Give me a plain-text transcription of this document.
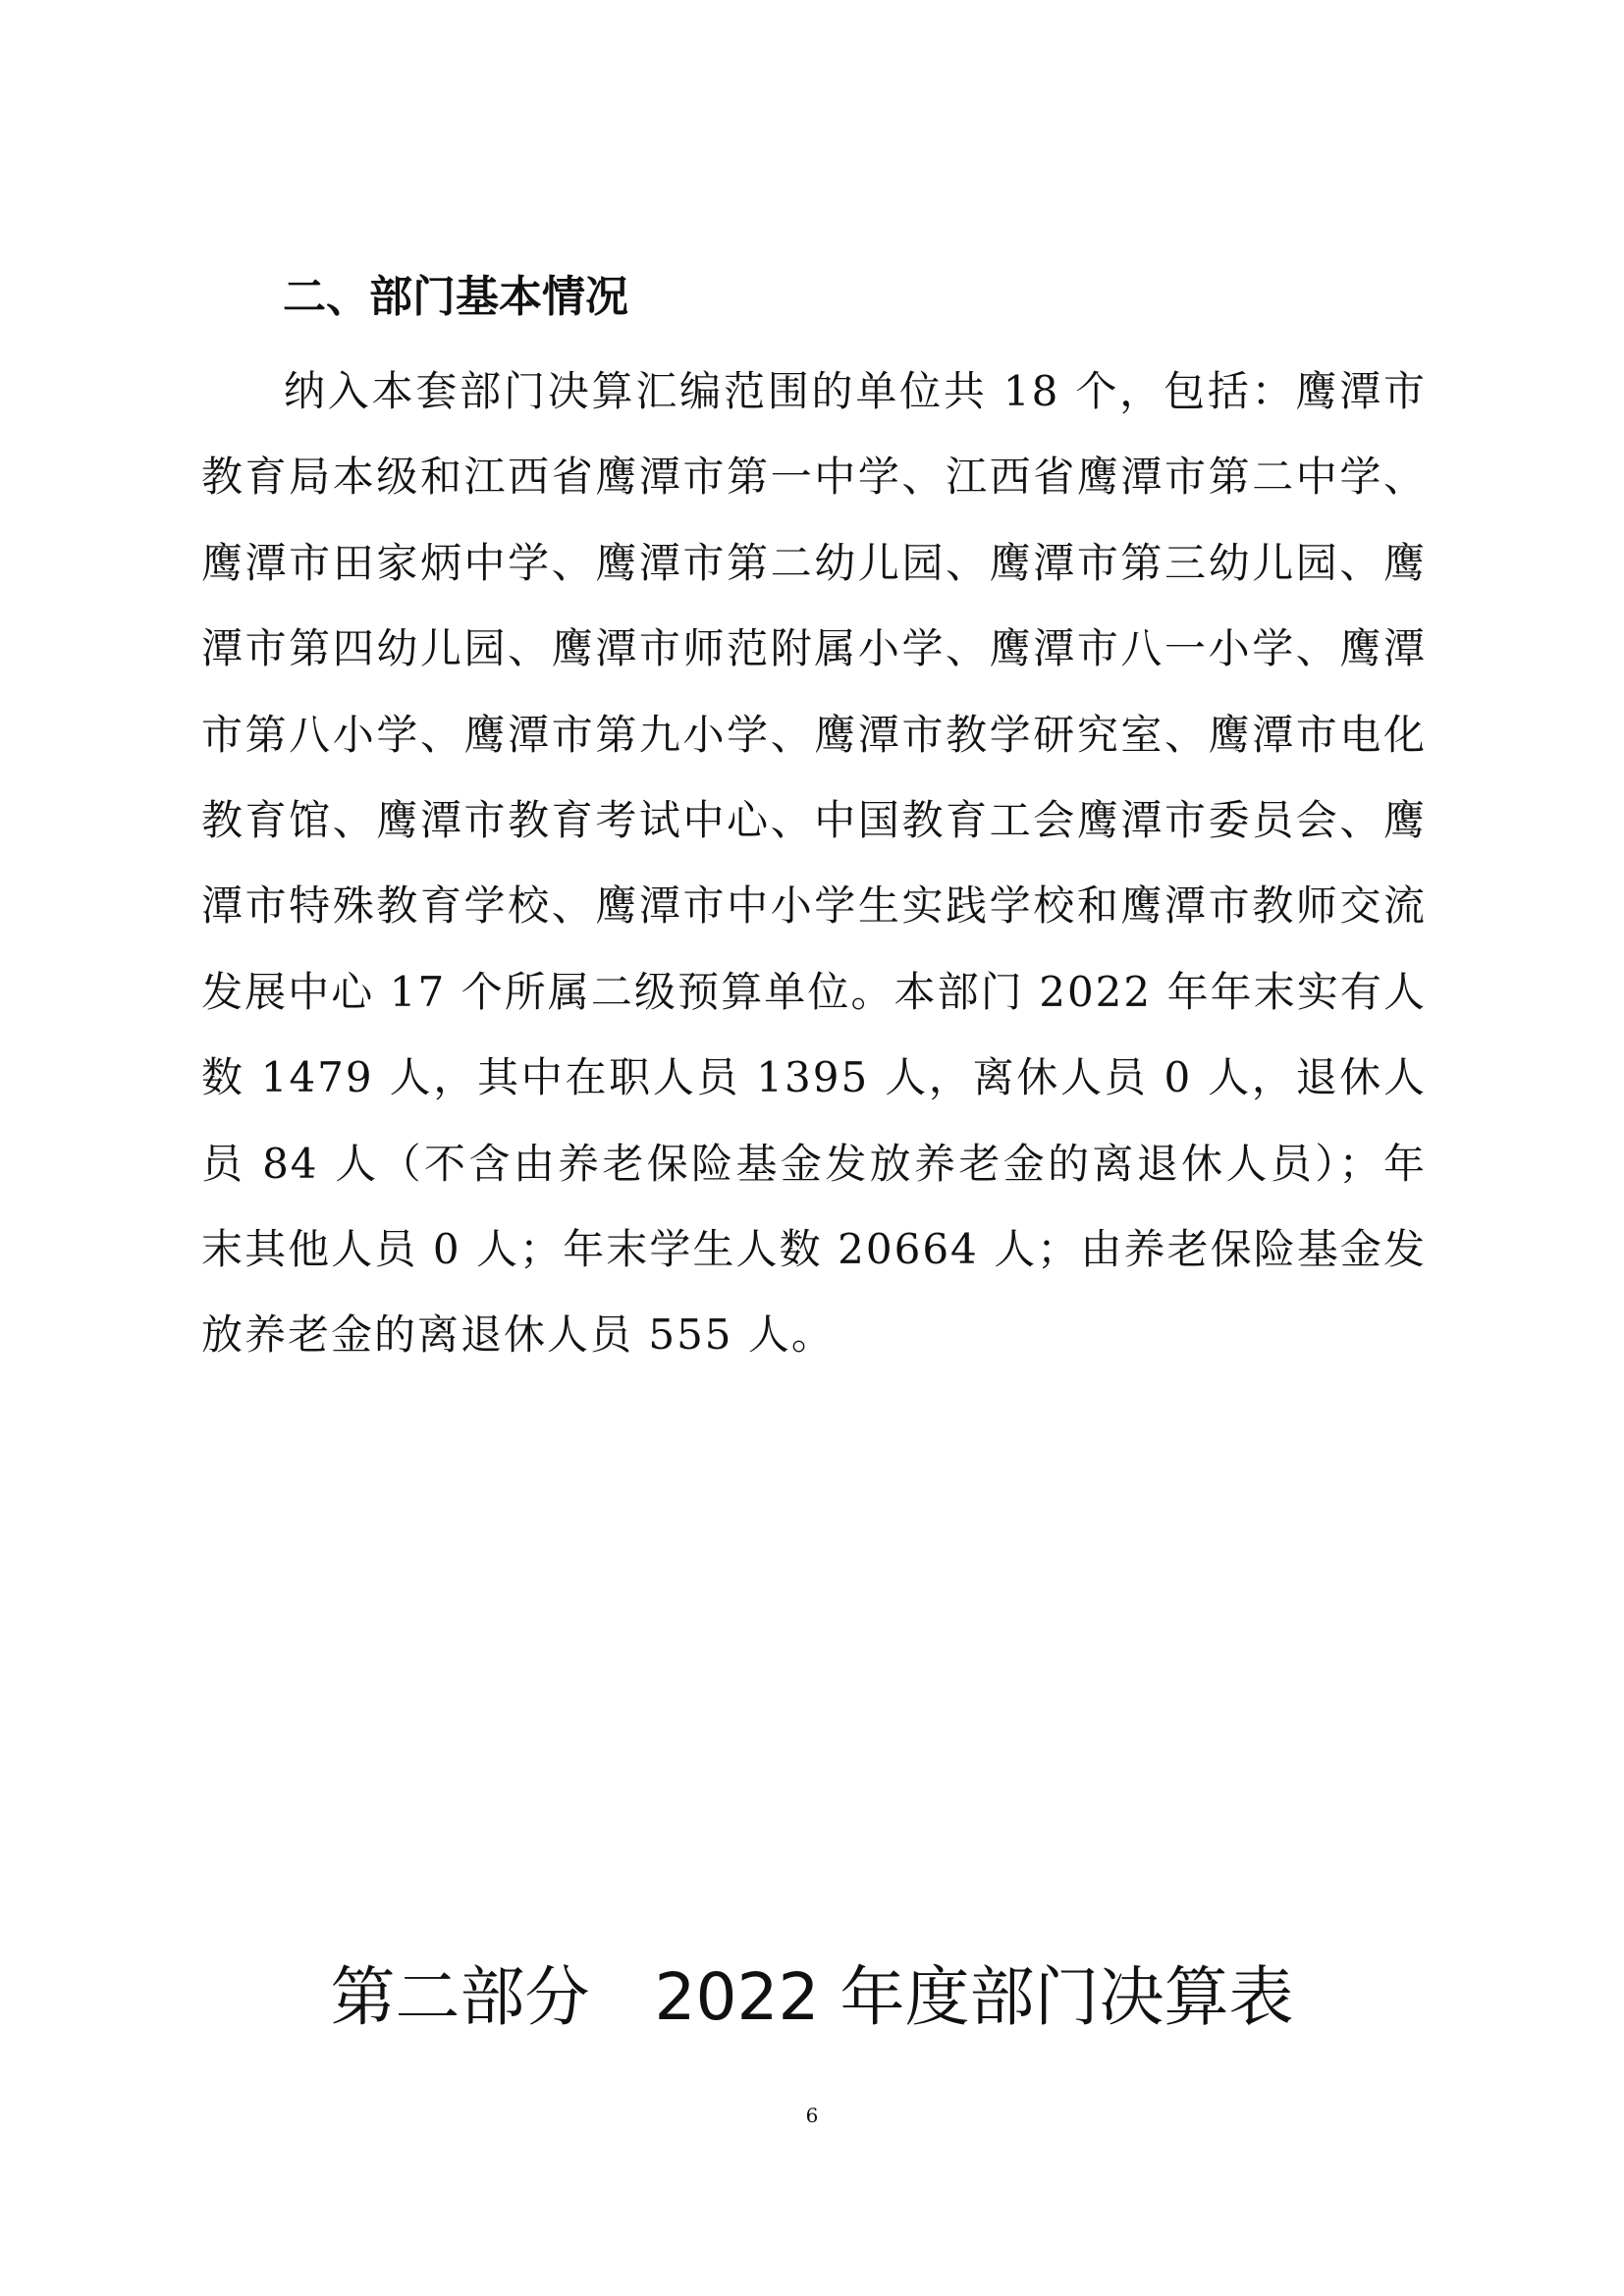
二、部门基本情况

纳入本套部门决算汇编范围的单位共 18 个，包括：鹰潭市教育局本级和江西省鹰潭市第一中学、江西省鹰潭市第二中学、鹰潭市田家炳中学、鹰潭市第二幼儿园、鹰潭市第三幼儿园、鹰潭市第四幼儿园、鹰潭市师范附属小学、鹰潭市八一小学、鹰潭市第八小学、鹰潭市第九小学、鹰潭市教学研究室、鹰潭市电化教育馆、鹰潭市教育考试中心、中国教育工会鹰潭市委员会、鹰潭市特殊教育学校、鹰潭市中小学生实践学校和鹰潭市教师交流发展中心 17 个所属二级预算单位。本部门 2022 年年末实有人数 1479 人，其中在职人员 1395 人，离休人员 0 人，退休人员 84 人（不含由养老保险基金发放养老金的离退休人员）；年末其他人员 0 人；年末学生人数 20664 人；由养老保险基金发放养老金的离退休人员 555 人。

第二部分　2022 年度部门决算表
6
